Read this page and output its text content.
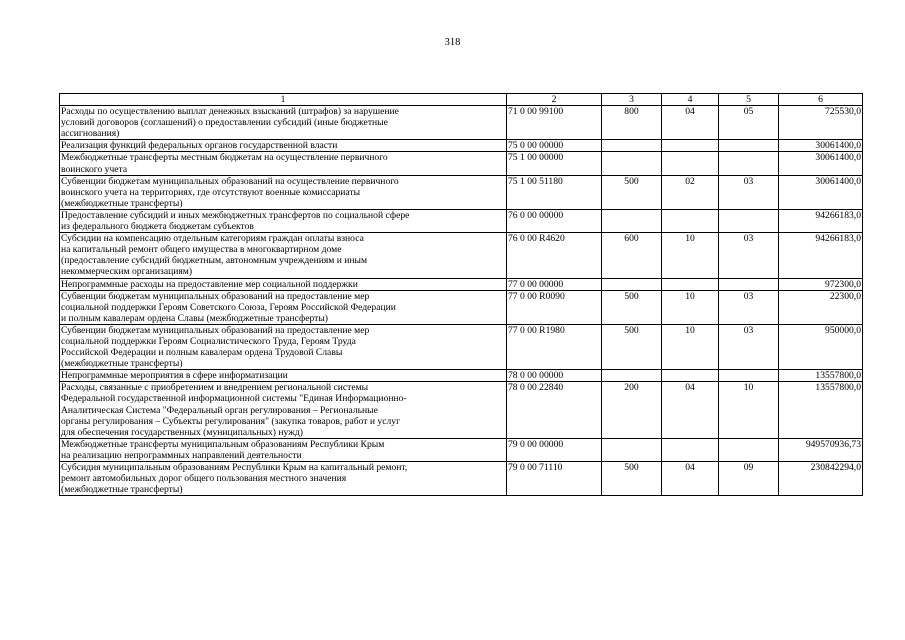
318
1	2	3	4	5	6
Расходы по осуществлению выплат денежных взысканий (штрафов) за нарушение
условий договоров (соглашений) о предоставлении субсидий (иные бюджетные
ассигнования)	71 0 00 99100	800	04	05	725530,0
Реализация функций федеральных органов государственной власти	75 0 00 00000				30061400,0
Межбюджетные трансферты местным бюджетам на осуществление первичного
воинского учета	75 1 00 00000				30061400,0
Субвенции бюджетам муниципальных образований на осуществление первичного
воинского учета на территориях, где отсутствуют военные комиссариаты
(межбюджетные трансферты)	75 1 00 51180	500	02	03	30061400,0
Предоставление субсидий и иных межбюджетных трансфертов по социальной сфере
из федерального бюджета бюджетам субъектов	76 0 00 00000				94266183,0
Субсидии на компенсацию отдельным категориям граждан оплаты взноса
на капитальный ремонт общего имущества в многоквартирном доме
(предоставление субсидий бюджетным, автономным учреждениям и иным
некоммерческим организациям)	76 0 00 R4620	600	10	03	94266183,0
Непрограммные расходы на предоставление мер социальной поддержки	77 0 00 00000				972300,0
Субвенции бюджетам муниципальных образований на предоставление мер
социальной поддержки Героям Советского Союза, Героям Российской Федерации
и полным кавалерам ордена Славы (межбюджетные трансферты)	77 0 00 R0090	500	10	03	22300,0
Субвенции бюджетам муниципальных образований на предоставление мер
социальной поддержки Героям Социалистического Труда, Героям Труда
Российской Федерации и полным кавалерам ордена Трудовой Славы
(межбюджетные трансферты)	77 0 00 R1980	500	10	03	950000,0
Непрограммные мероприятия в сфере информатизации	78 0 00 00000				13557800,0
Расходы, связанные с приобретением и внедрением региональной системы
Федеральной государственной информационной системы "Единая Информационно-
Аналитическая Система "Федеральный орган регулирования – Региональные
органы регулирования – Субъекты регулирования" (закупка товаров, работ и услуг
для обеспечения государственных (муниципальных) нужд)	78 0 00 22840	200	04	10	13557800,0
Межбюджетные трансферты муниципальным образованиям Республики Крым
на реализацию непрограммных направлений деятельности	79 0 00 00000				949570936,73
Субсидия муниципальным образованиям Республики Крым на капитальный ремонт,
ремонт автомобильных дорог общего пользования местного значения
(межбюджетные трансферты)	79 0 00 71110	500	04	09	230842294,0
